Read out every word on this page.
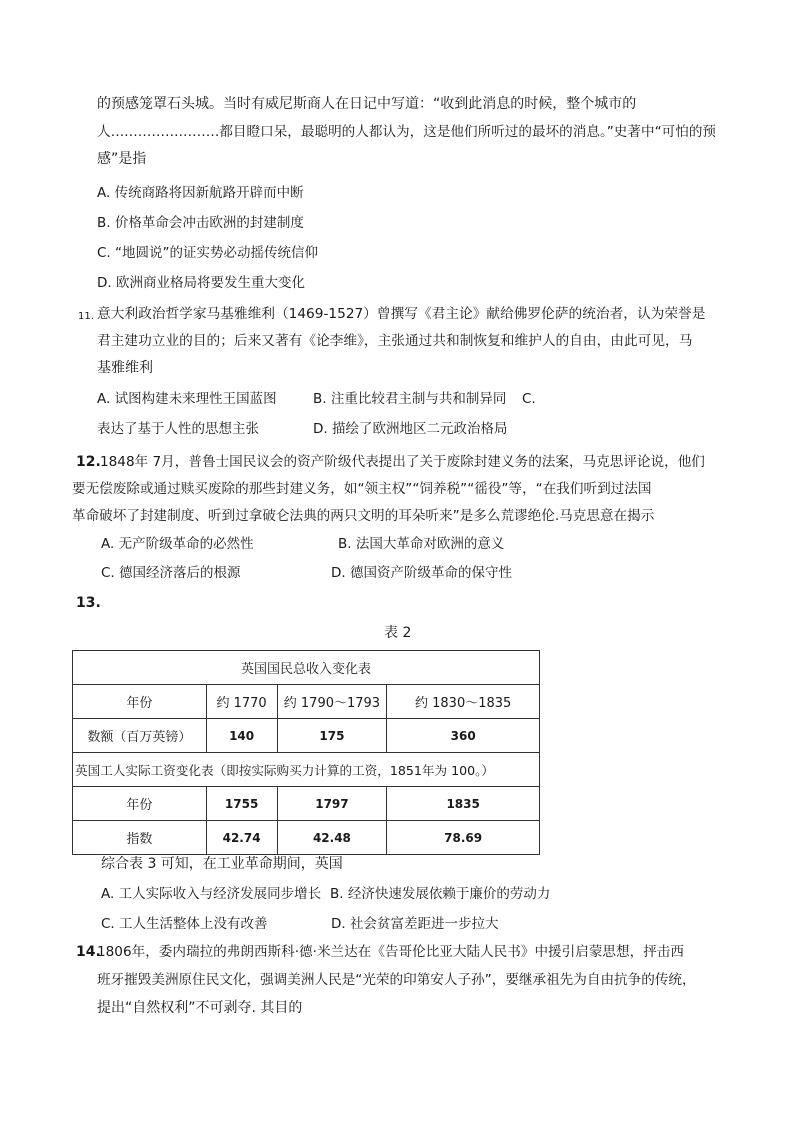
的预感笼罩石头城。当时有威尼斯商人在日记中写道：“收到此消息的时候，整个城市的
人……………………都目瞪口呆，最聪明的人都认为，这是他们所听过的最坏的消息。”史著中“可怕的预
感”是指
A. 传统商路将因新航路开辟而中断
B. 价格革命会冲击欧洲的封建制度
C. “地圆说”的证实势必动摇传统信仰
D. 欧洲商业格局将要发生重大变化
11. 意大利政治哲学家马基雅维利（1469-1527）曾撰写《君主论》献给佛罗伦萨的统治者，认为荣誉是
君主建功立业的目的；后来又著有《论李维》，主张通过共和制恢复和维护人的自由，由此可见，马
基雅维利
A. 试图构建未来理性王国蓝图	B. 注重比较君主制与共和制异同 C.
表达了基于人性的思想主张	D. 描绘了欧洲地区二元政治格局
12. 1848年 7月，普鲁士国民议会的资产阶级代表提出了关于废除封建义务的法案，马克思评论说，他们
要无偿废除或通过赎买废除的那些封建义务，如“领主权”“饲养税”“徭役”等，“在我们听到过法国
革命破坏了封建制度、听到过拿破仑法典的两只文明的耳朵听来”是多么荒谬绝伦.马克思意在揭示
A. 无产阶级革命的必然性	B. 法国大革命对欧洲的意义
C. 德国经济落后的根源	D. 德国资产阶级革命的保守性
13.
表 2
英国国民总收入变化表			
年份	约 1770	约 1790～1793	约 1830～1835
数额（百万英镑）	140	175	360
英国工人实际工资变化表（即按实际购买力计算的工资，1851年为 100。）			
年份	1755	1797	1835
指数	42.74	42.48	78.69
综合表 3 可知，在工业革命期间，英国
A. 工人实际收入与经济发展同步增长 B. 经济快速发展依赖于廉价的劳动力
C. 工人生活整体上没有改善	D. 社会贫富差距进一步拉大
14.
1806年，委内瑞拉的弗朗西斯科·德·米兰达在《告哥伦比亚大陆人民书》中援引启蒙思想，抨击西
班牙摧毁美洲原住民文化，强调美洲人民是“光荣的印第安人子孙”，要继承祖先为自由抗争的传统，
提出“自然权利”不可剥夺. 其目的
